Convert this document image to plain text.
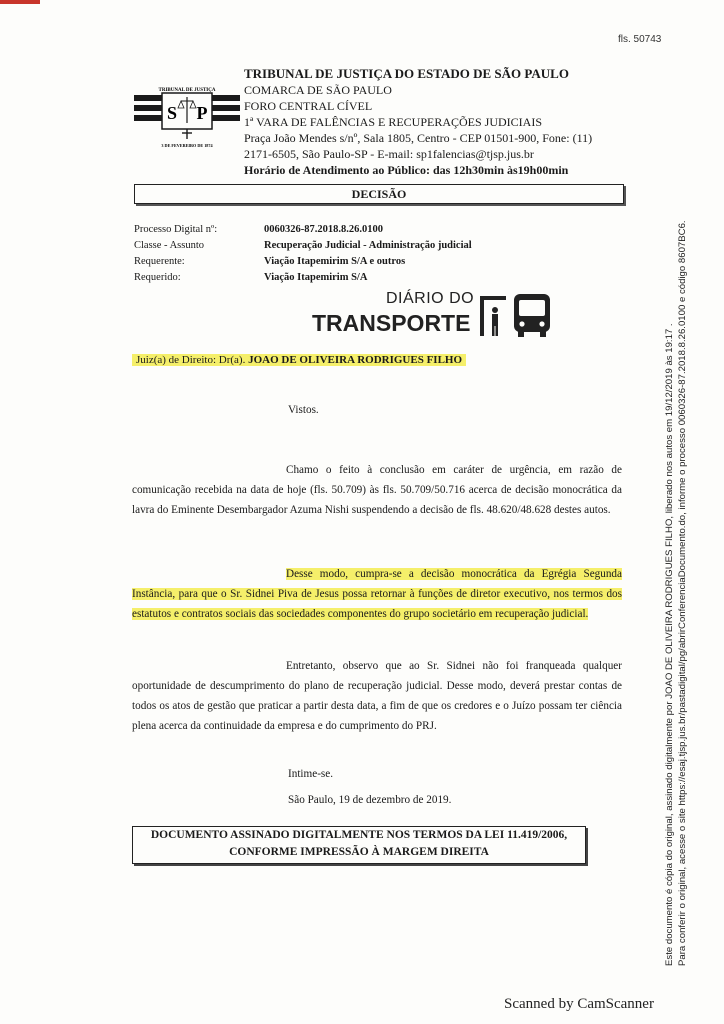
fls. 50743
TRIBUNAL DE JUSTIÇA
S P
3 DE FEVEREIRO DE 1874
TRIBUNAL DE JUSTIÇA DO ESTADO DE SÃO PAULO
COMARCA DE SÃO PAULO
FORO CENTRAL CÍVEL
1ª VARA DE FALÊNCIAS E RECUPERAÇÕES JUDICIAIS
Praça João Mendes s/nº, Sala 1805, Centro - CEP 01501-900, Fone: (11)
2171-6505, São Paulo-SP - E-mail: sp1falencias@tjsp.jus.br
Horário de Atendimento ao Público: das 12h30min às19h00min
DECISÃO
Processo Digital nº:	0060326-87.2018.8.26.0100
Classe - Assunto	Recuperação Judicial - Administração judicial
Requerente:	Viação Itapemirim S/A e outros
Requerido:	Viação Itapemirim S/A
DIÁRIO DO
TRANSPORTE
Juiz(a) de Direito: Dr(a). JOAO DE OLIVEIRA RODRIGUES FILHO
Vistos.
Chamo o feito à conclusão em caráter de urgência, em razão de comunicação recebida na data de hoje (fls. 50.709) às fls. 50.709/50.716 acerca de decisão monocrática da lavra do Eminente Desembargador Azuma Nishi suspendendo a decisão de fls. 48.620/48.628 destes autos.
Desse modo, cumpra-se a decisão monocrática da Egrégia Segunda Instância, para que o Sr. Sidnei Piva de Jesus possa retornar à funções de diretor executivo, nos termos dos estatutos e contratos sociais das sociedades componentes do grupo societário em recuperação judicial.
Entretanto, observo que ao Sr. Sidnei não foi franqueada qualquer oportunidade de descumprimento do plano de recuperação judicial. Desse modo, deverá prestar contas de todos os atos de gestão que praticar a partir desta data, a fim de que os credores e o Juízo possam ter ciência plena acerca da continuidade da empresa e do cumprimento do PRJ.
Intime-se.
São Paulo, 19 de dezembro de 2019.
DOCUMENTO ASSINADO DIGITALMENTE NOS TERMOS DA LEI 11.419/2006,
CONFORME IMPRESSÃO À MARGEM DIREITA	Este documento é cópia do original, assinado digitalmente por JOAO DE OLIVEIRA RODRIGUES FILHO, liberado nos autos em 19/12/2019 às 19:17 . Para conferir o original, acesse o site https://esaj.tjsp.jus.br/pastadigital/pg/abrirConferenciaDocumento.do, informe o processo 0060326-87.2018.8.26.0100 e código 8607BC6.
Scanned by CamScanner
